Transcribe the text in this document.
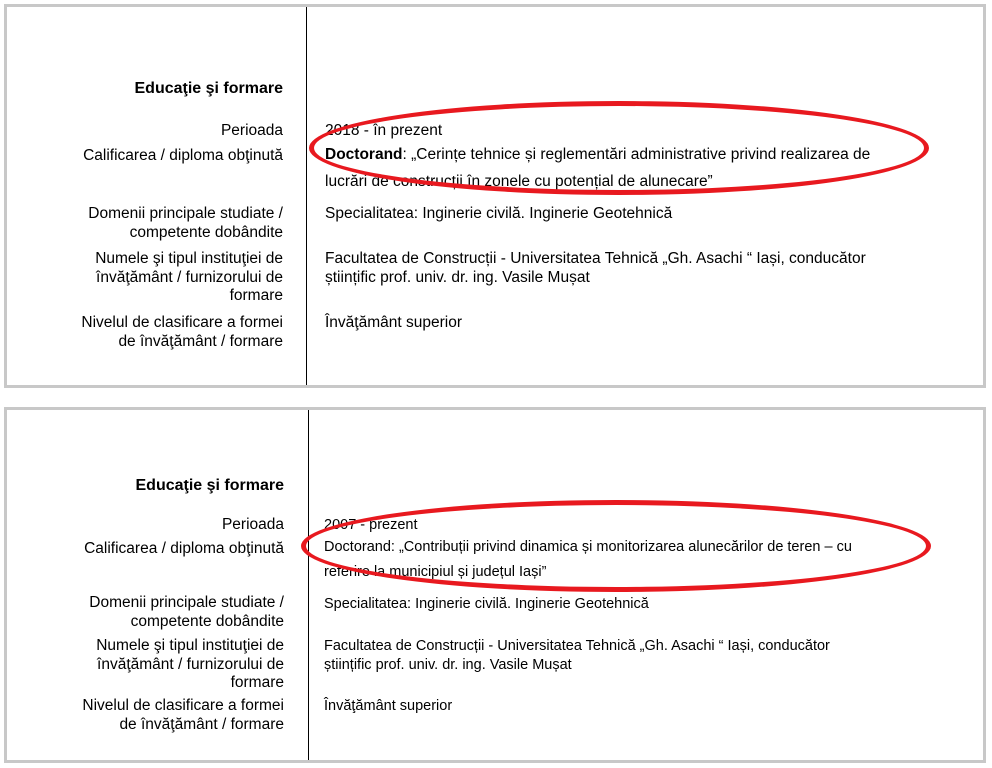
Educaţie şi formare
Perioada
Calificarea / diploma obţinută
Domenii principale studiate /
competente dobândite
Numele şi tipul instituţiei de
învăţământ / furnizorului de
formare
Nivelul de clasificare a formei
de învăţământ / formare
2018 - în prezent
Doctorand: „Cerințe tehnice și reglementări administrative privind realizarea de
lucrări de construcții în zonele cu potențial de alunecare”
Specialitatea: Inginerie civilă. Inginerie Geotehnică
Facultatea de Construcții - Universitatea Tehnică „Gh. Asachi “ Iași, conducător
științific prof. univ. dr. ing. Vasile Mușat
Învăţământ superior
Educaţie şi formare
Perioada
Calificarea / diploma obţinută
Domenii principale studiate /
competente dobândite
Numele şi tipul instituţiei de
învăţământ / furnizorului de
formare
Nivelul de clasificare a formei
de învăţământ / formare
2007 - prezent
Doctorand: „Contribuții privind dinamica și monitorizarea alunecărilor de teren – cu
referire la municipiul și județul Iași”
Specialitatea: Inginerie civilă. Inginerie Geotehnică
Facultatea de Construcții - Universitatea Tehnică „Gh. Asachi “ Iași, conducător
științific prof. univ. dr. ing. Vasile Mușat
Învăţământ superior
